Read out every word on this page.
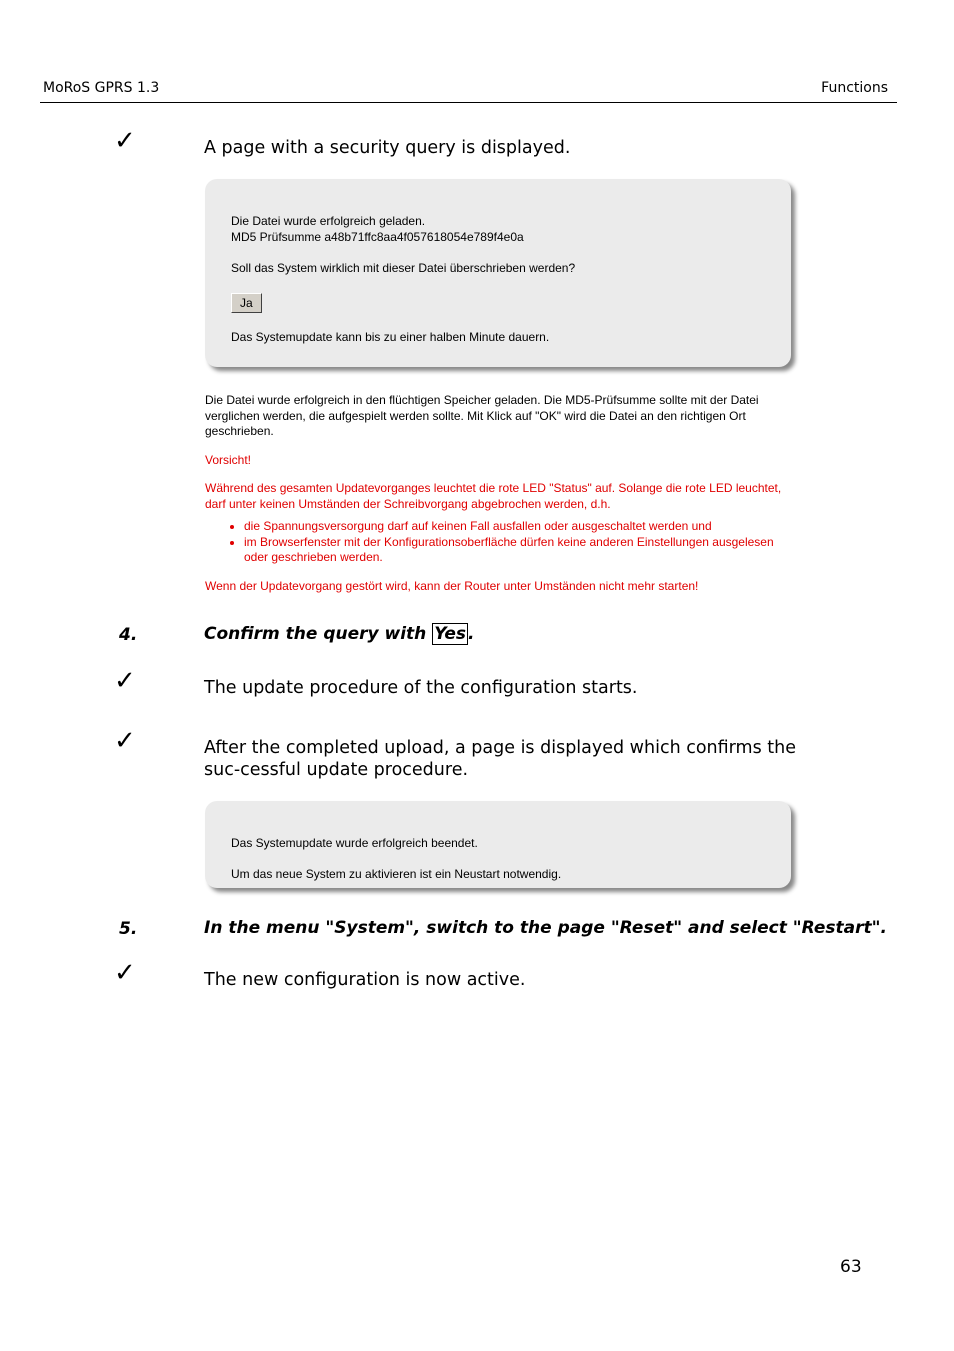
MoRoS GPRS 1.3	Functions
✓	A page with a security query is displayed.

Die Datei wurde erfolgreich geladen.

MD5 Prüfsumme a48b71ffc8aa4f057618054e789f4e0a

Soll das System wirklich mit dieser Datei überschrieben werden?

Ja

Das Systemupdate kann bis zu einer halben Minute dauern.

Die Datei wurde erfolgreich in den flüchtigen Speicher geladen. Die MD5-Prüfsumme sollte mit der Datei verglichen werden, die aufgespielt werden sollte. Mit Klick auf "OK" wird die Datei an den richtigen Ort geschrieben.

Vorsicht!

Während des gesamten Updatevorganges leuchtet die rote LED "Status" auf. Solange die rote LED leuchtet, darf unter keinen Umständen der Schreibvorgang abgebrochen werden, d.h.

• die Spannungsversorgung darf auf keinen Fall ausfallen oder ausgeschaltet werden und
• im Browserfenster mit der Konfigurationsoberfläche dürfen keine anderen Einstellungen ausgelesen oder geschrieben werden.

Wenn der Updatevorgang gestört wird, kann der Router unter Umständen nicht mehr starten!

4.	Confirm the query with Yes .
✓	The update procedure of the configuration starts.
✓	After the completed upload, a page is displayed which confirms the suc-cessful update procedure.

Das Systemupdate wurde erfolgreich beendet.

Um das neue System zu aktivieren ist ein Neustart notwendig.

5.	In the menu "System", switch to the page "Reset" and select "Restart".
✓	The new configuration is now active.
63
